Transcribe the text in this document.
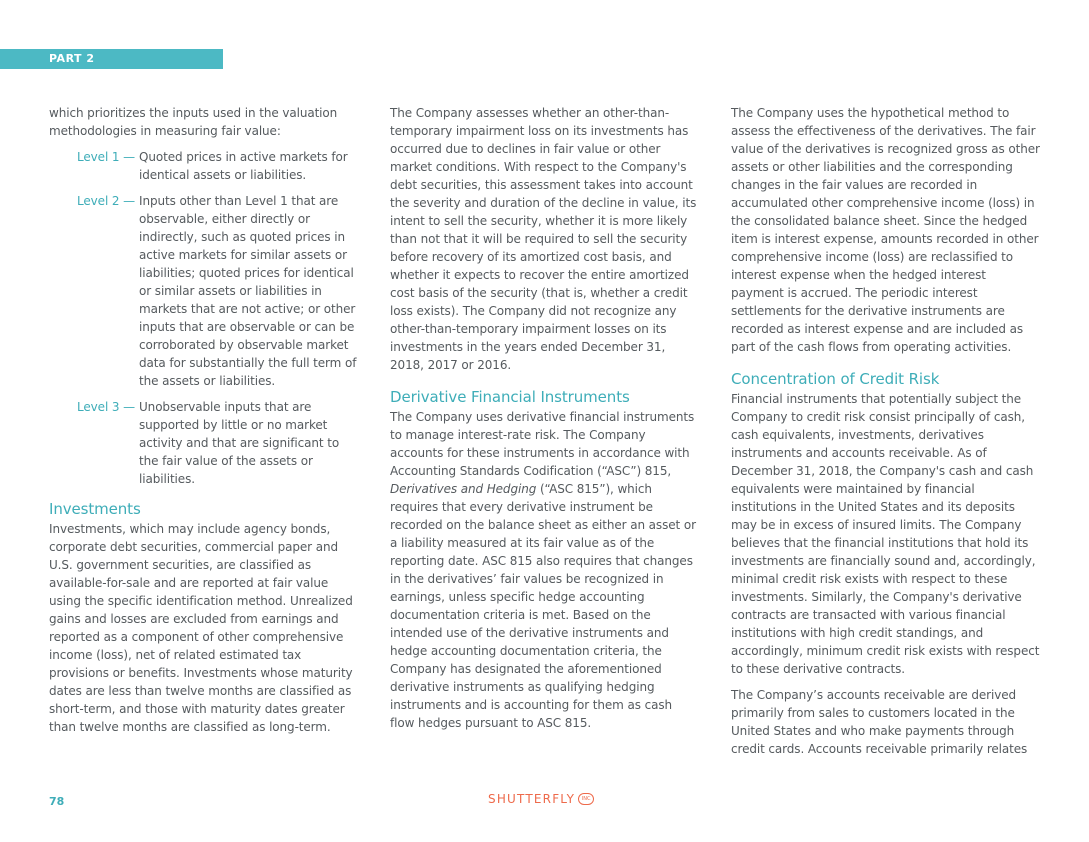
PART 2

which prioritizes the inputs used in the valuation methodologies in measuring fair value:

Level 1 — Quoted prices in active markets for identical assets or liabilities.
Level 2 — Inputs other than Level 1 that are observable, either directly or indirectly, such as quoted prices in active markets for similar assets or liabilities; quoted prices for identical or similar assets or liabilities in markets that are not active; or other inputs that are observable or can be corroborated by observable market data for substantially the full term of the assets or liabilities.
Level 3 — Unobservable inputs that are supported by little or no market activity and that are significant to the fair value of the assets or liabilities.
Investments

Investments, which may include agency bonds, corporate debt securities, commercial paper and U.S. government securities, are classified as available-for-sale and are reported at fair value using the specific identification method. Unrealized gains and losses are excluded from earnings and reported as a component of other comprehensive income (loss), net of related estimated tax provisions or benefits. Investments whose maturity dates are less than twelve months are classified as short-term, and those with maturity dates greater than twelve months are classified as long-term.

The Company assesses whether an other-than-temporary impairment loss on its investments has occurred due to declines in fair value or other market conditions. With respect to the Company's debt securities, this assessment takes into account the severity and duration of the decline in value, its intent to sell the security, whether it is more likely than not that it will be required to sell the security before recovery of its amortized cost basis, and whether it expects to recover the entire amortized cost basis of the security (that is, whether a credit loss exists). The Company did not recognize any other-than-temporary impairment losses on its investments in the years ended December 31, 2018, 2017 or 2016.

Derivative Financial Instruments

The Company uses derivative financial instruments to manage interest-rate risk. The Company accounts for these instruments in accordance with Accounting Standards Codification (“ASC”) 815, Derivatives and Hedging (“ASC 815”), which requires that every derivative instrument be recorded on the balance sheet as either an asset or a liability measured at its fair value as of the reporting date. ASC 815 also requires that changes in the derivatives’ fair values be recognized in earnings, unless specific hedge accounting documentation criteria is met. Based on the intended use of the derivative instruments and hedge accounting documentation criteria, the Company has designated the aforementioned derivative instruments as qualifying hedging instruments and is accounting for them as cash flow hedges pursuant to ASC 815.

The Company uses the hypothetical method to assess the effectiveness of the derivatives. The fair value of the derivatives is recognized gross as other assets or other liabilities and the corresponding changes in the fair values are recorded in accumulated other comprehensive income (loss) in the consolidated balance sheet. Since the hedged item is interest expense, amounts recorded in other comprehensive income (loss) are reclassified to interest expense when the hedged interest payment is accrued. The periodic interest settlements for the derivative instruments are recorded as interest expense and are included as part of the cash flows from operating activities.

Concentration of Credit Risk

Financial instruments that potentially subject the Company to credit risk consist principally of cash, cash equivalents, investments, derivatives instruments and accounts receivable. As of December 31, 2018, the Company's cash and cash equivalents were maintained by financial institutions in the United States and its deposits may be in excess of insured limits. The Company believes that the financial institutions that hold its investments are financially sound and, accordingly, minimal credit risk exists with respect to these investments. Similarly, the Company's derivative contracts are transacted with various financial institutions with high credit standings, and accordingly, minimum credit risk exists with respect to these derivative contracts.

The Company’s accounts receivable are derived primarily from sales to customers located in the United States and who make payments through credit cards. Accounts receivable primarily relates

78	SHUTTERFLY	INC
